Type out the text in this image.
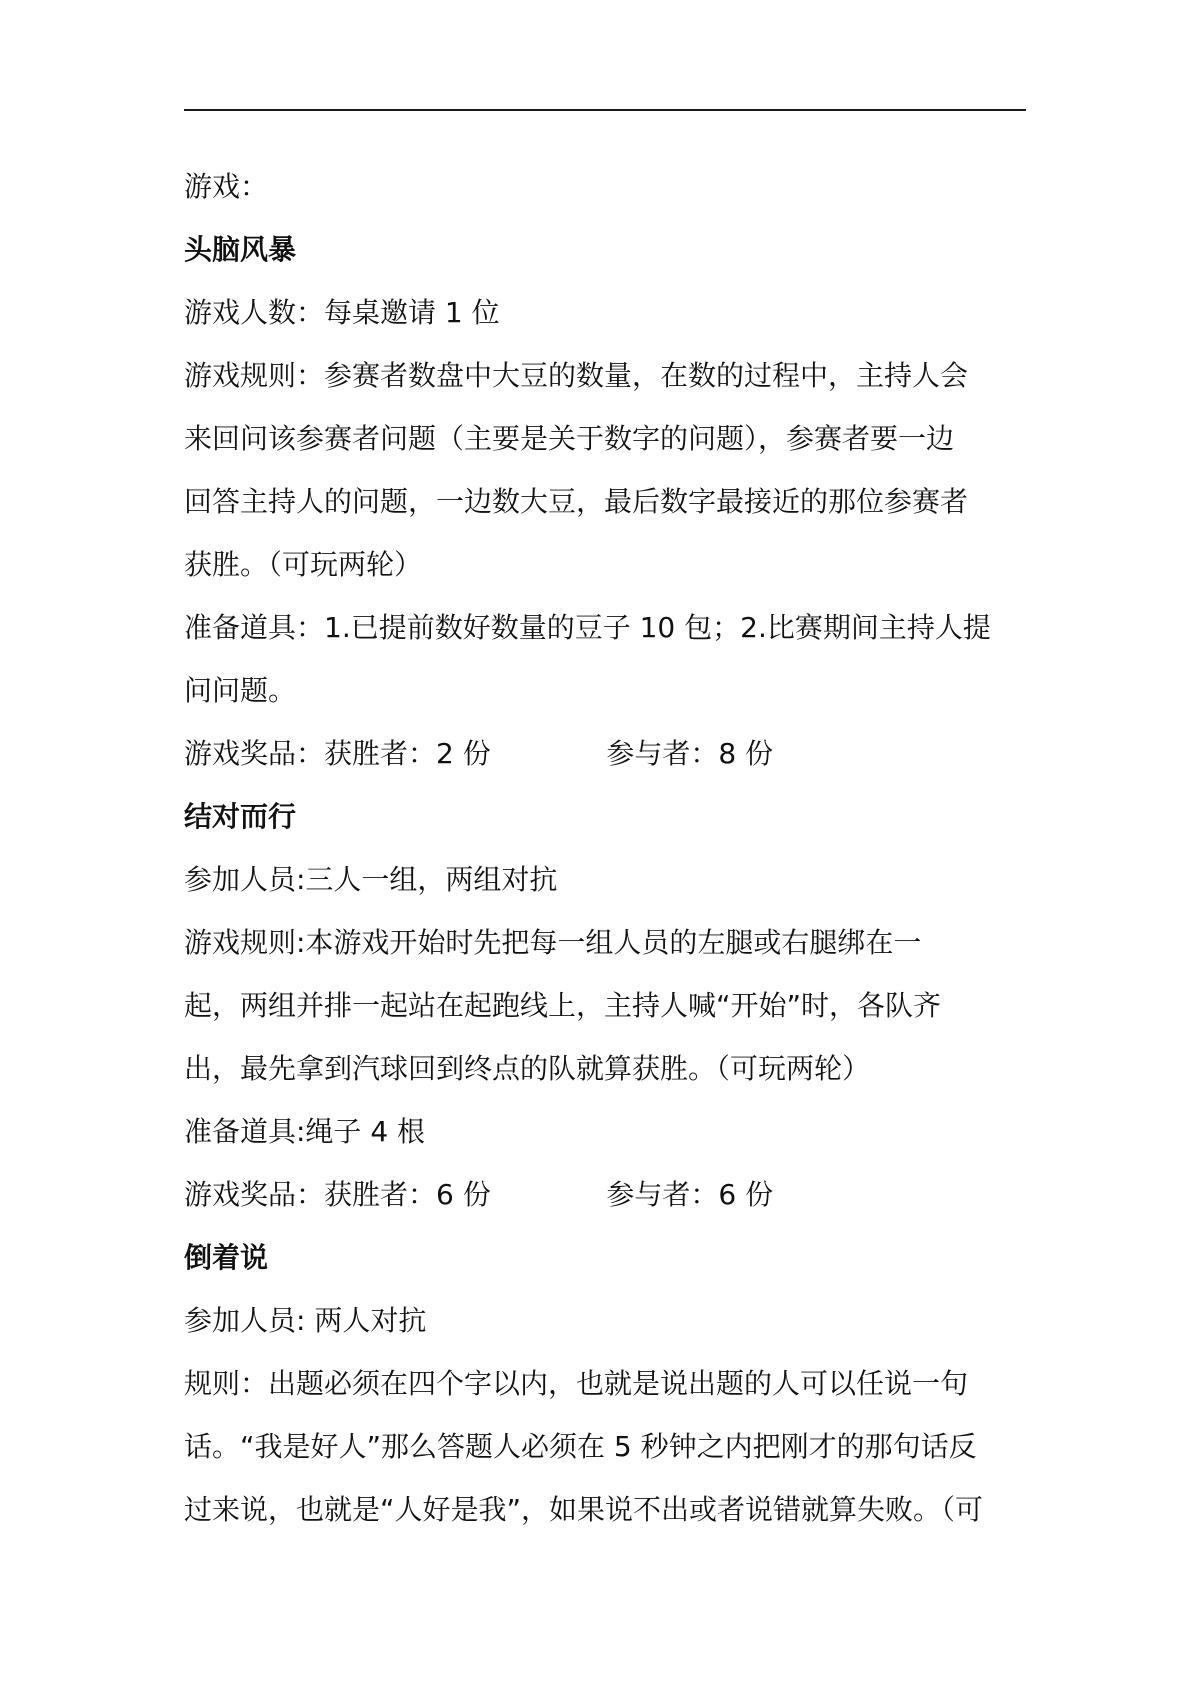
游戏：
头脑风暴
游戏人数：每桌邀请 1 位
游戏规则：参赛者数盘中大豆的数量，在数的过程中，主持人会
来回问该参赛者问题（主要是关于数字的问题），参赛者要一边
回答主持人的问题，一边数大豆，最后数字最接近的那位参赛者
获胜。（可玩两轮）
准备道具：1.已提前数好数量的豆子 10 包；2.比赛期间主持人提
问问题。
游戏奖品：获胜者：2 份             参与者：8 份
结对而行
参加人员:三人一组，两组对抗
游戏规则:本游戏开始时先把每一组人员的左腿或右腿绑在一
起，两组并排一起站在起跑线上，主持人喊“开始”时，各队齐
出，最先拿到汽球回到终点的队就算获胜。（可玩两轮）
准备道具:绳子 4 根
游戏奖品：获胜者：6 份             参与者：6 份
倒着说
参加人员: 两人对抗
规则：出题必须在四个字以内，也就是说出题的人可以任说一句
话。“我是好人”那么答题人必须在 5 秒钟之内把刚才的那句话反
过来说，也就是“人好是我”，如果说不出或者说错就算失败。（可
